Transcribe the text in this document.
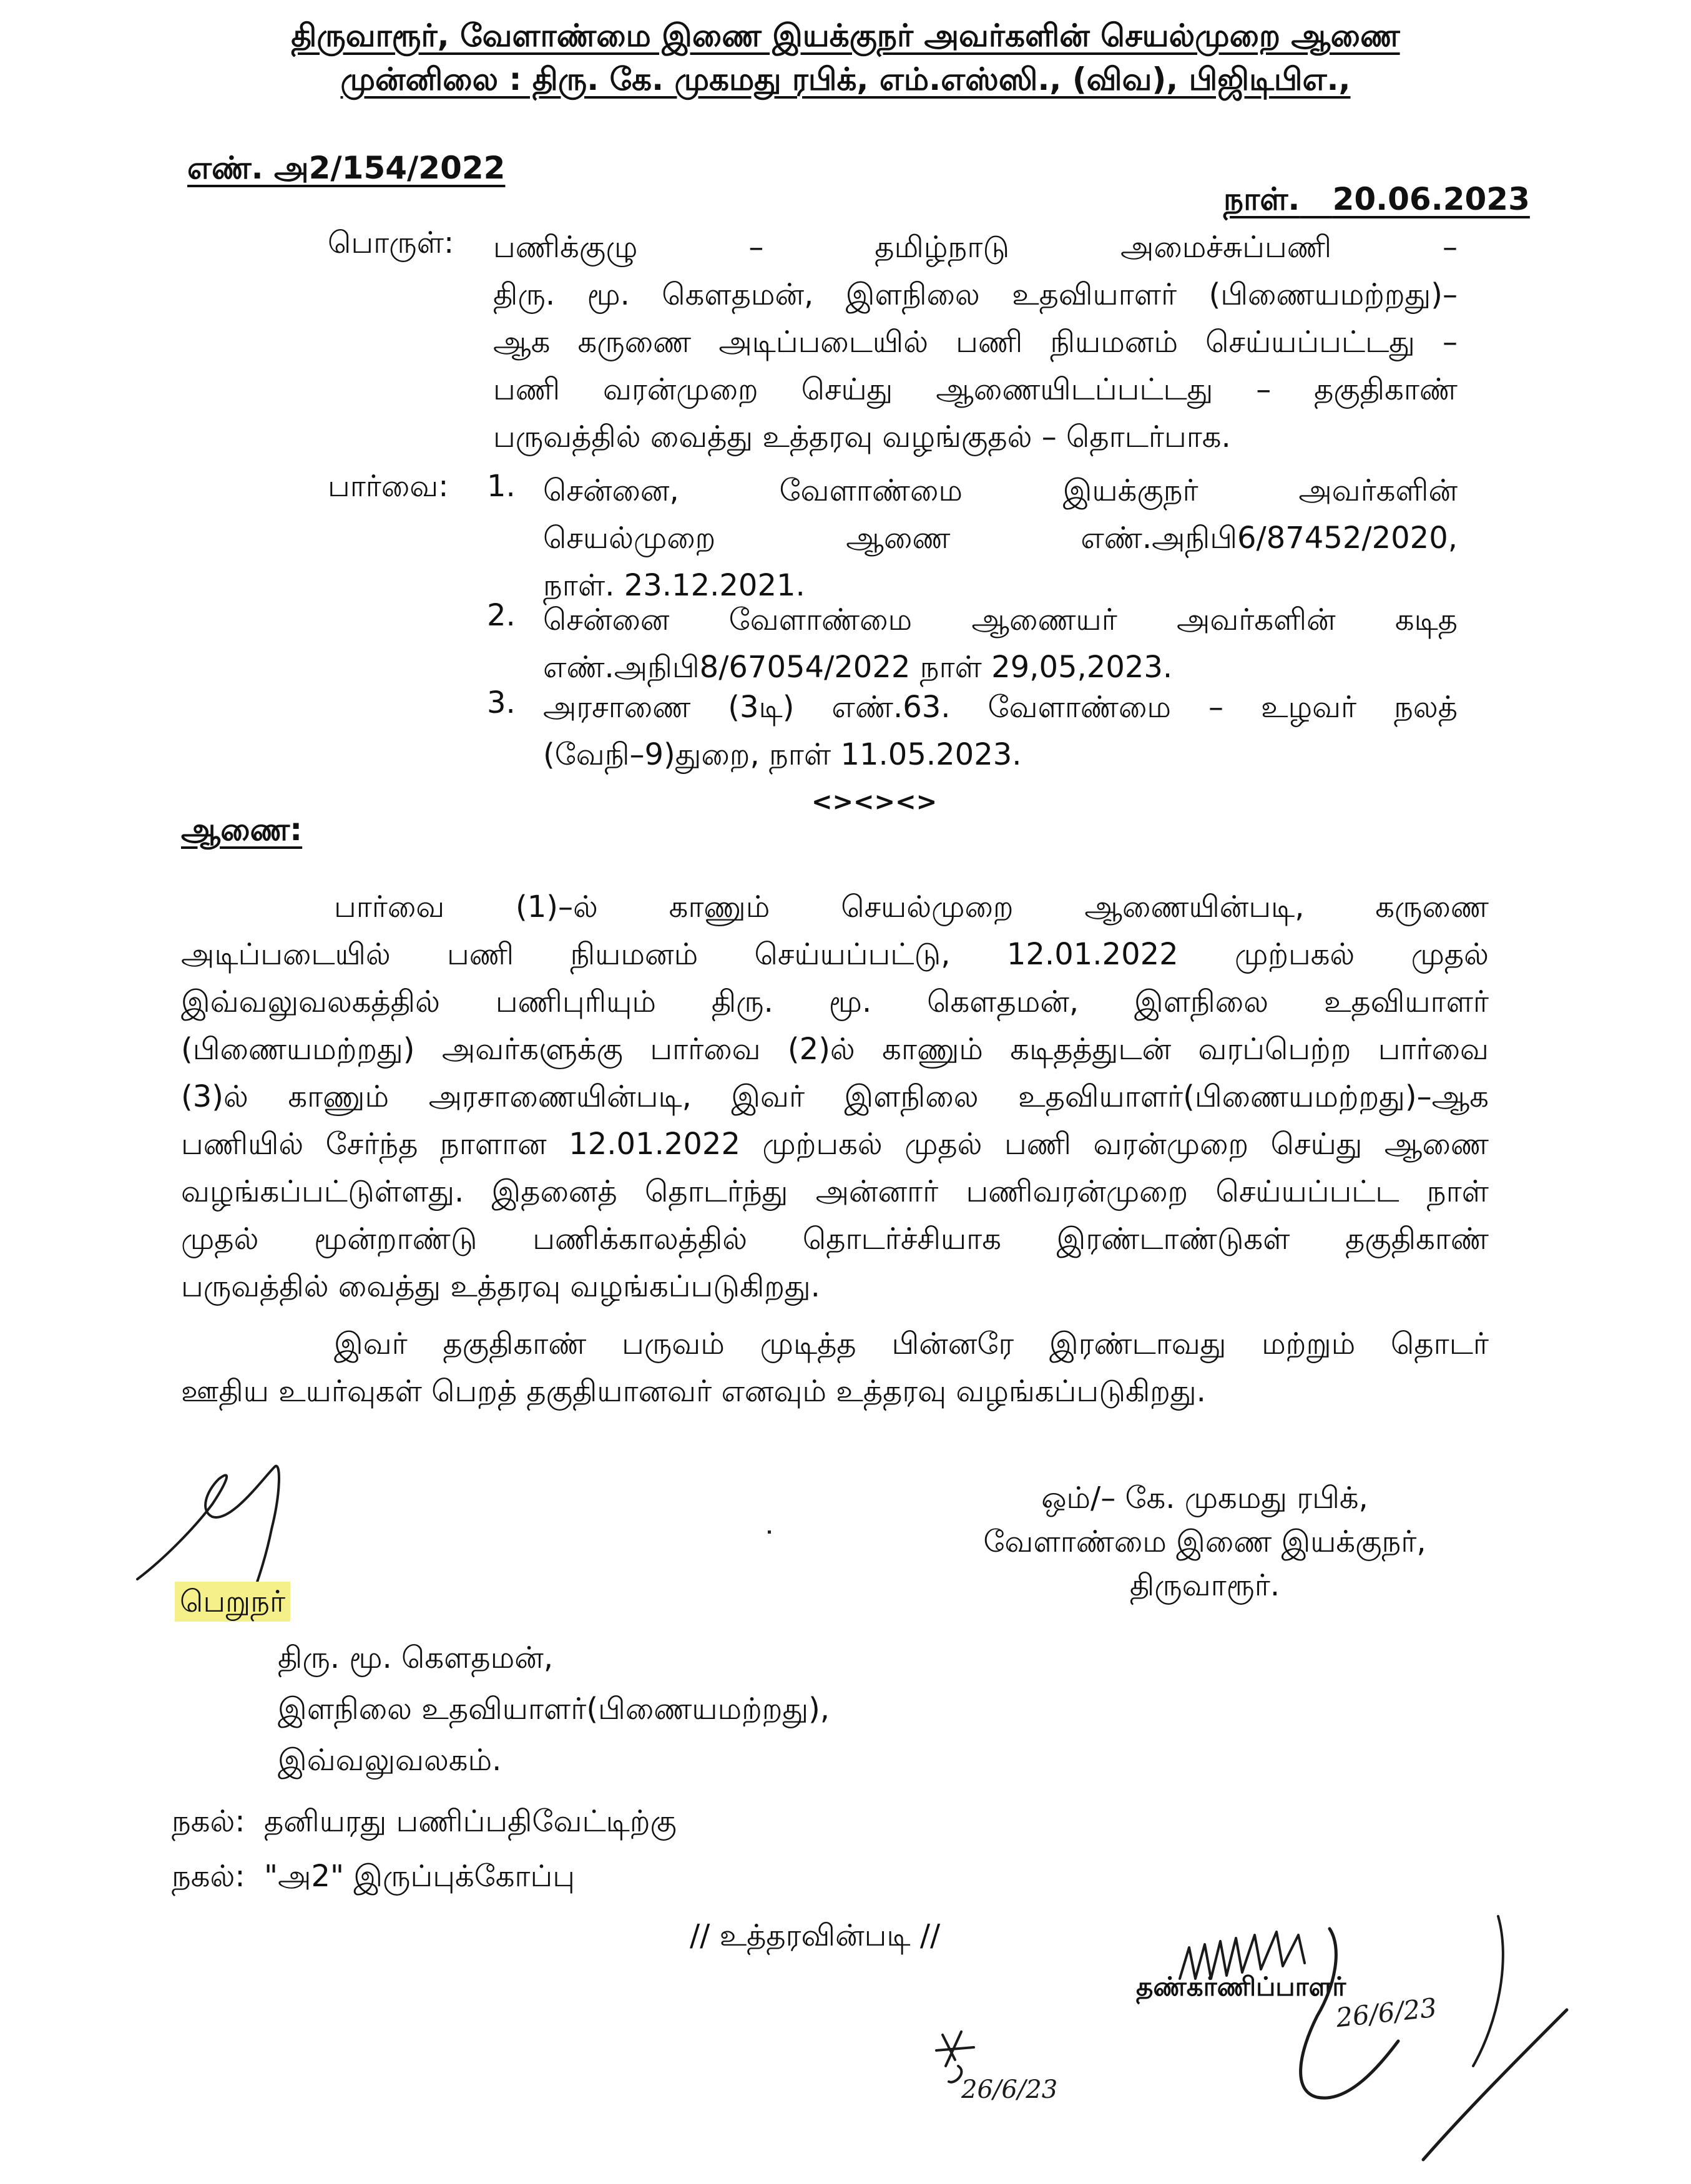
திருவாரூர், வேளாண்மை இணை இயக்குநர் அவர்களின் செயல்முறை ஆணை
முன்னிலை : திரு. கே. முகமது ரபிக், எம்.எஸ்ஸி., (விவ), பிஜிடிபிஎ.,
எண். அ2/154/2022
நாள். 20.06.2023
பொருள்: பணிக்குழு – தமிழ்நாடு அமைச்சுப்பணி –
திரு. மூ. கௌதமன், இளநிலை உதவியாளர் (பிணையமற்றது)–
ஆக கருணை அடிப்படையில் பணி நியமனம் செய்யப்பட்டது –
பணி வரன்முறை செய்து ஆணையிடப்பட்டது – தகுதிகாண்
பருவத்தில் வைத்து உத்தரவு வழங்குதல் – தொடர்பாக.
பார்வை: 1. சென்னை, வேளாண்மை இயக்குநர் அவர்களின்
செயல்முறை ஆணை எண்.அநிபி6/87452/2020,
நாள். 23.12.2021.
2. சென்னை வேளாண்மை ஆணையர் அவர்களின் கடித
எண்.அநிபி8/67054/2022 நாள் 29,05,2023.
3. அரசாணை (3டி) எண்.63. வேளாண்மை – உழவர் நலத்
(வேநி–9)துறை, நாள் 11.05.2023.
<><><>
ஆணை:
பார்வை (1)–ல் காணும் செயல்முறை ஆணையின்படி, கருணை
அடிப்படையில் பணி நியமனம் செய்யப்பட்டு, 12.01.2022 முற்பகல் முதல்
இவ்வலுவலகத்தில் பணிபுரியும் திரு. மூ. கௌதமன், இளநிலை உதவியாளர்
(பிணையமற்றது) அவர்களுக்கு பார்வை (2)ல் காணும் கடிதத்துடன் வரப்பெற்ற பார்வை
(3)ல் காணும் அரசாணையின்படி, இவர் இளநிலை உதவியாளர்(பிணையமற்றது)–ஆக
பணியில் சேர்ந்த நாளான 12.01.2022 முற்பகல் முதல் பணி வரன்முறை செய்து ஆணை
வழங்கப்பட்டுள்ளது. இதனைத் தொடர்ந்து அன்னார் பணிவரன்முறை செய்யப்பட்ட நாள்
முதல் மூன்றாண்டு பணிக்காலத்தில் தொடர்ச்சியாக இரண்டாண்டுகள் தகுதிகாண்
பருவத்தில் வைத்து உத்தரவு வழங்கப்படுகிறது.
இவர் தகுதிகாண் பருவம் முடித்த பின்னரே இரண்டாவது மற்றும் தொடர்
ஊதிய உயர்வுகள் பெறத் தகுதியானவர் எனவும் உத்தரவு வழங்கப்படுகிறது.
ஒம்/– கே. முகமது ரபிக்,
வேளாண்மை இணை இயக்குநர்,
திருவாரூர்.
பெறுநர்
திரு. மூ. கௌதமன்,
இளநிலை உதவியாளர்(பிணையமற்றது),
இவ்வலுவலகம்.
நகல்: தனியரது பணிப்பதிவேட்டிற்கு
நகல்: "அ2" இருப்புக்கோப்பு
// உத்தரவின்படி //
தண்கர்ணிப்பாளர்
26/6/23
26/6/23
